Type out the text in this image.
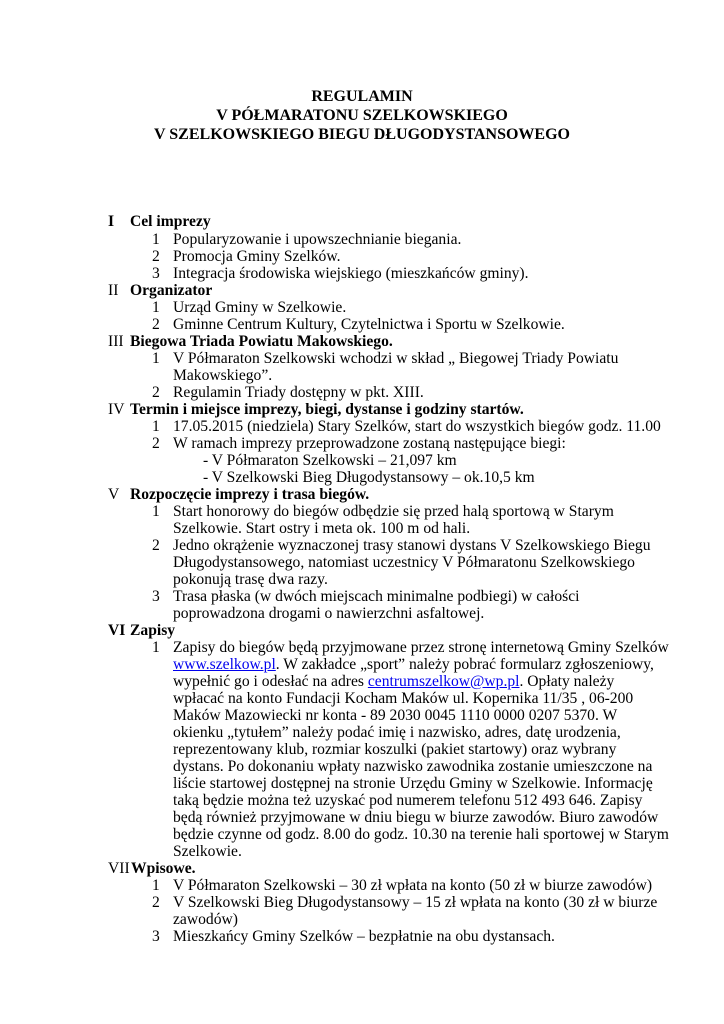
REGULAMIN
V PÓŁMARATONU SZELKOWSKIEGO
V SZELKOWSKIEGO BIEGU DŁUGODYSTANSOWEGO
I Cel imprezy
1 Popularyzowanie i upowszechnianie biegania.
2 Promocja Gminy Szelków.
3 Integracja środowiska wiejskiego (mieszkańców gminy).
II Organizator
1 Urząd Gminy w Szelkowie.
2 Gminne Centrum Kultury, Czytelnictwa i Sportu w Szelkowie.
III Biegowa Triada Powiatu Makowskiego.
1 V Półmaraton Szelkowski wchodzi w skład „ Biegowej Triady Powiatu
Makowskiego”.
2 Regulamin Triady dostępny w pkt. XIII.
IV Termin i miejsce imprezy, biegi, dystanse i godziny startów.
1 17.05.2015 (niedziela) Stary Szelków, start do wszystkich biegów godz. 11.00
2 W ramach imprezy przeprowadzone zostaną następujące biegi:
- V Półmaraton Szelkowski – 21,097 km
- V Szelkowski Bieg Długodystansowy – ok.10,5 km
V Rozpoczęcie imprezy i trasa biegów.
1 Start honorowy do biegów odbędzie się przed halą sportową w Starym
Szelkowie. Start ostry i meta ok. 100 m od hali.
2 Jedno okrążenie wyznaczonej trasy stanowi dystans V Szelkowskiego Biegu
Długodystansowego, natomiast uczestnicy V Półmaratonu Szelkowskiego
pokonują trasę dwa razy.
3 Trasa płaska (w dwóch miejscach minimalne podbiegi) w całości
poprowadzona drogami o nawierzchni asfaltowej.
VI Zapisy
1 Zapisy do biegów będą przyjmowane przez stronę internetową Gminy Szelków
www.szelkow.pl. W zakładce „sport” należy pobrać formularz zgłoszeniowy,
wypełnić go i odesłać na adres centrumszelkow@wp.pl. Opłaty należy
wpłacać na konto Fundacji Kocham Maków ul. Kopernika 11/35 , 06-200
Maków Mazowiecki nr konta - 89 2030 0045 1110 0000 0207 5370. W
okienku „tytułem” należy podać imię i nazwisko, adres, datę urodzenia,
reprezentowany klub, rozmiar koszulki (pakiet startowy) oraz wybrany
dystans. Po dokonaniu wpłaty nazwisko zawodnika zostanie umieszczone na
liście startowej dostępnej na stronie Urzędu Gminy w Szelkowie. Informację
taką będzie można też uzyskać pod numerem telefonu 512 493 646. Zapisy
będą również przyjmowane w dniu biegu w biurze zawodów. Biuro zawodów
będzie czynne od godz. 8.00 do godz. 10.30 na terenie hali sportowej w Starym
Szelkowie.
VII Wpisowe.
1 V Półmaraton Szelkowski – 30 zł wpłata na konto (50 zł w biurze zawodów)
2 V Szelkowski Bieg Długodystansowy – 15 zł wpłata na konto (30 zł w biurze
zawodów)
3 Mieszkańcy Gminy Szelków – bezpłatnie na obu dystansach.
